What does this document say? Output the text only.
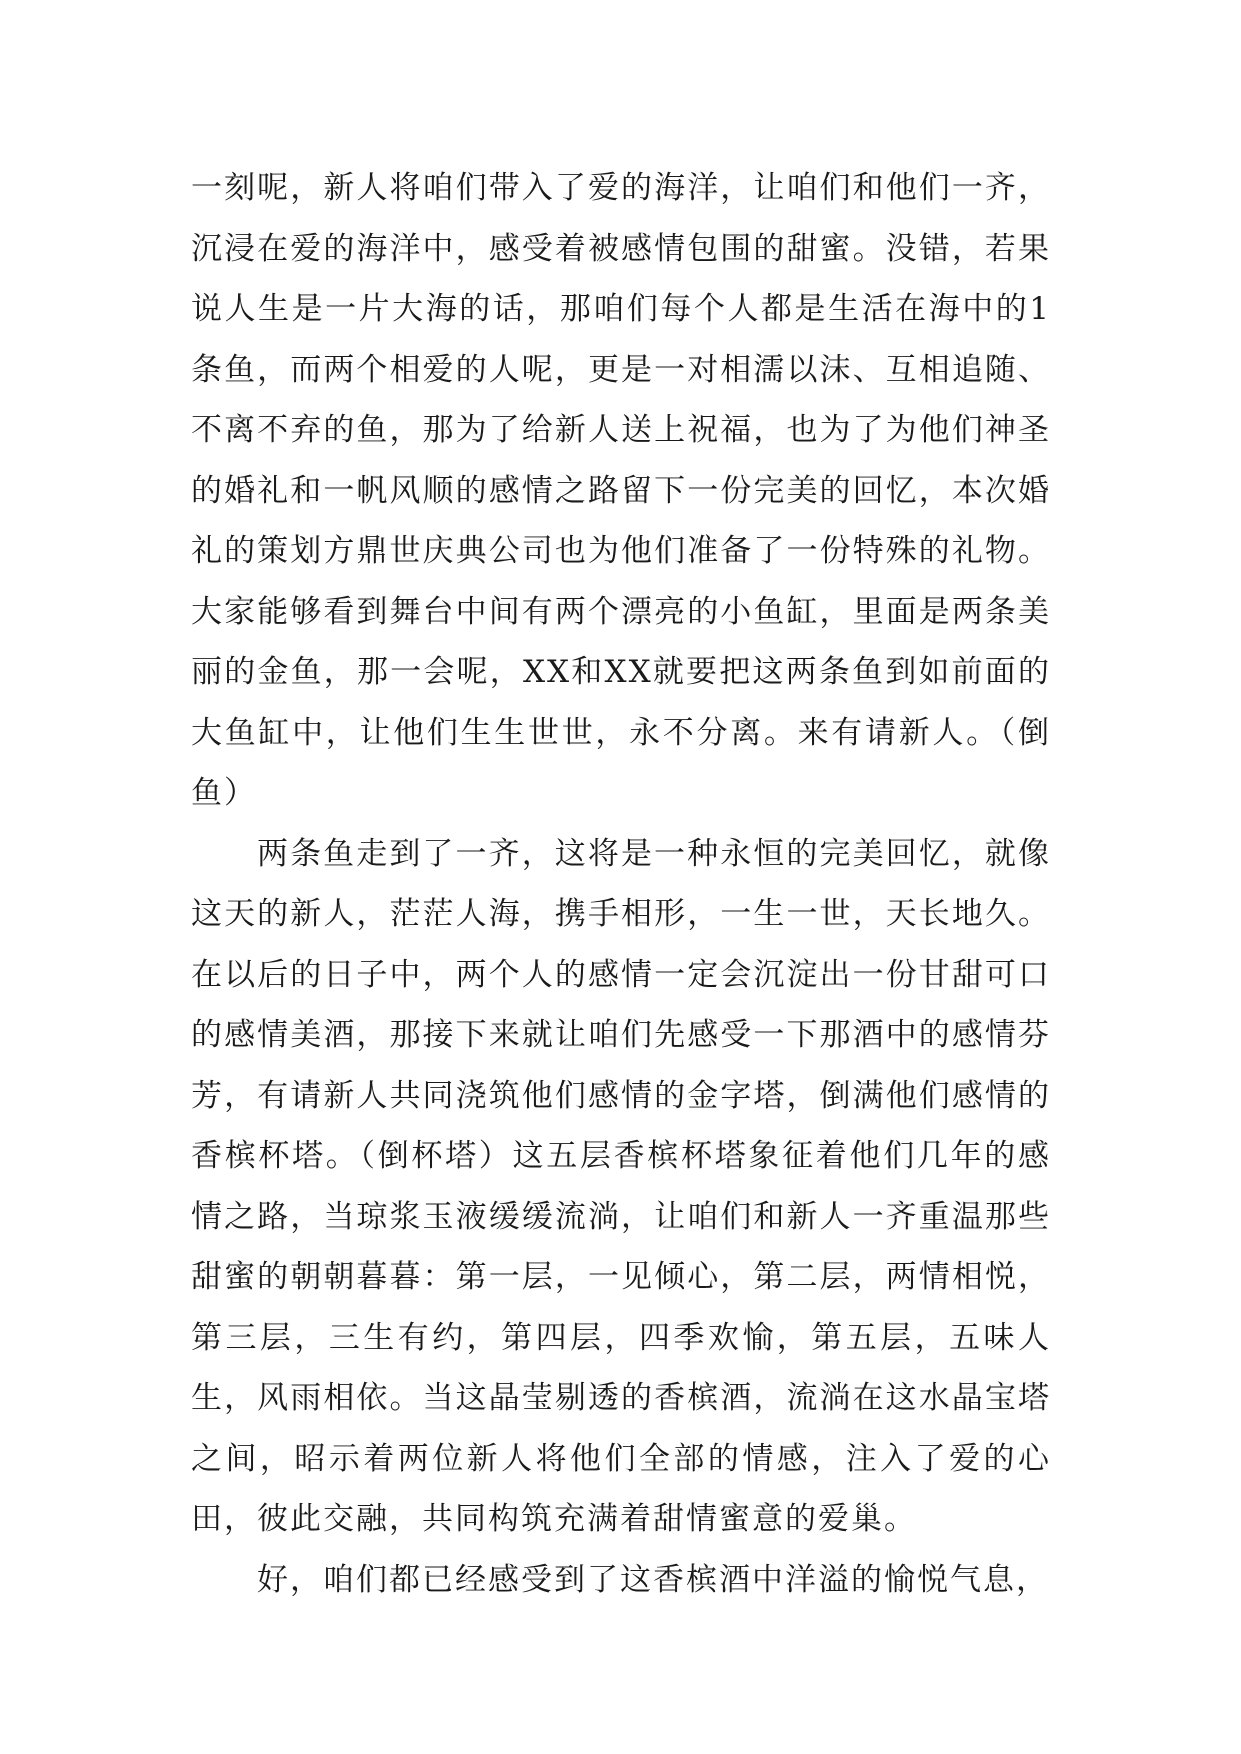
一刻呢，新人将咱们带入了爱的海洋，让咱们和他们一齐，沉浸在爱的海洋中，感受着被感情包围的甜蜜。没错，若果说人生是一片大海的话，那咱们每个人都是生活在海中的1条鱼，而两个相爱的人呢，更是一对相濡以沫、互相追随、不离不弃的鱼，那为了给新人送上祝福，也为了为他们神圣的婚礼和一帆风顺的感情之路留下一份完美的回忆，本次婚礼的策划方鼎世庆典公司也为他们准备了一份特殊的礼物。大家能够看到舞台中间有两个漂亮的小鱼缸，里面是两条美丽的金鱼，那一会呢，XX和XX就要把这两条鱼到如前面的大鱼缸中，让他们生生世世，永不分离。来有请新人。（倒鱼）

两条鱼走到了一齐，这将是一种永恒的完美回忆，就像这天的新人，茫茫人海，携手相形，一生一世，天长地久。在以后的日子中，两个人的感情一定会沉淀出一份甘甜可口的感情美酒，那接下来就让咱们先感受一下那酒中的感情芬芳，有请新人共同浇筑他们感情的金字塔，倒满他们感情的香槟杯塔。（倒杯塔）这五层香槟杯塔象征着他们几年的感情之路，当琼浆玉液缓缓流淌，让咱们和新人一齐重温那些甜蜜的朝朝暮暮：第一层，一见倾心，第二层，两情相悦，第三层，三生有约，第四层，四季欢愉，第五层，五味人生，风雨相依。当这晶莹剔透的香槟酒，流淌在这水晶宝塔之间，昭示着两位新人将他们全部的情感，注入了爱的心田，彼此交融，共同构筑充满着甜情蜜意的爱巢。

好，咱们都已经感受到了这香槟酒中洋溢的愉悦气息，
